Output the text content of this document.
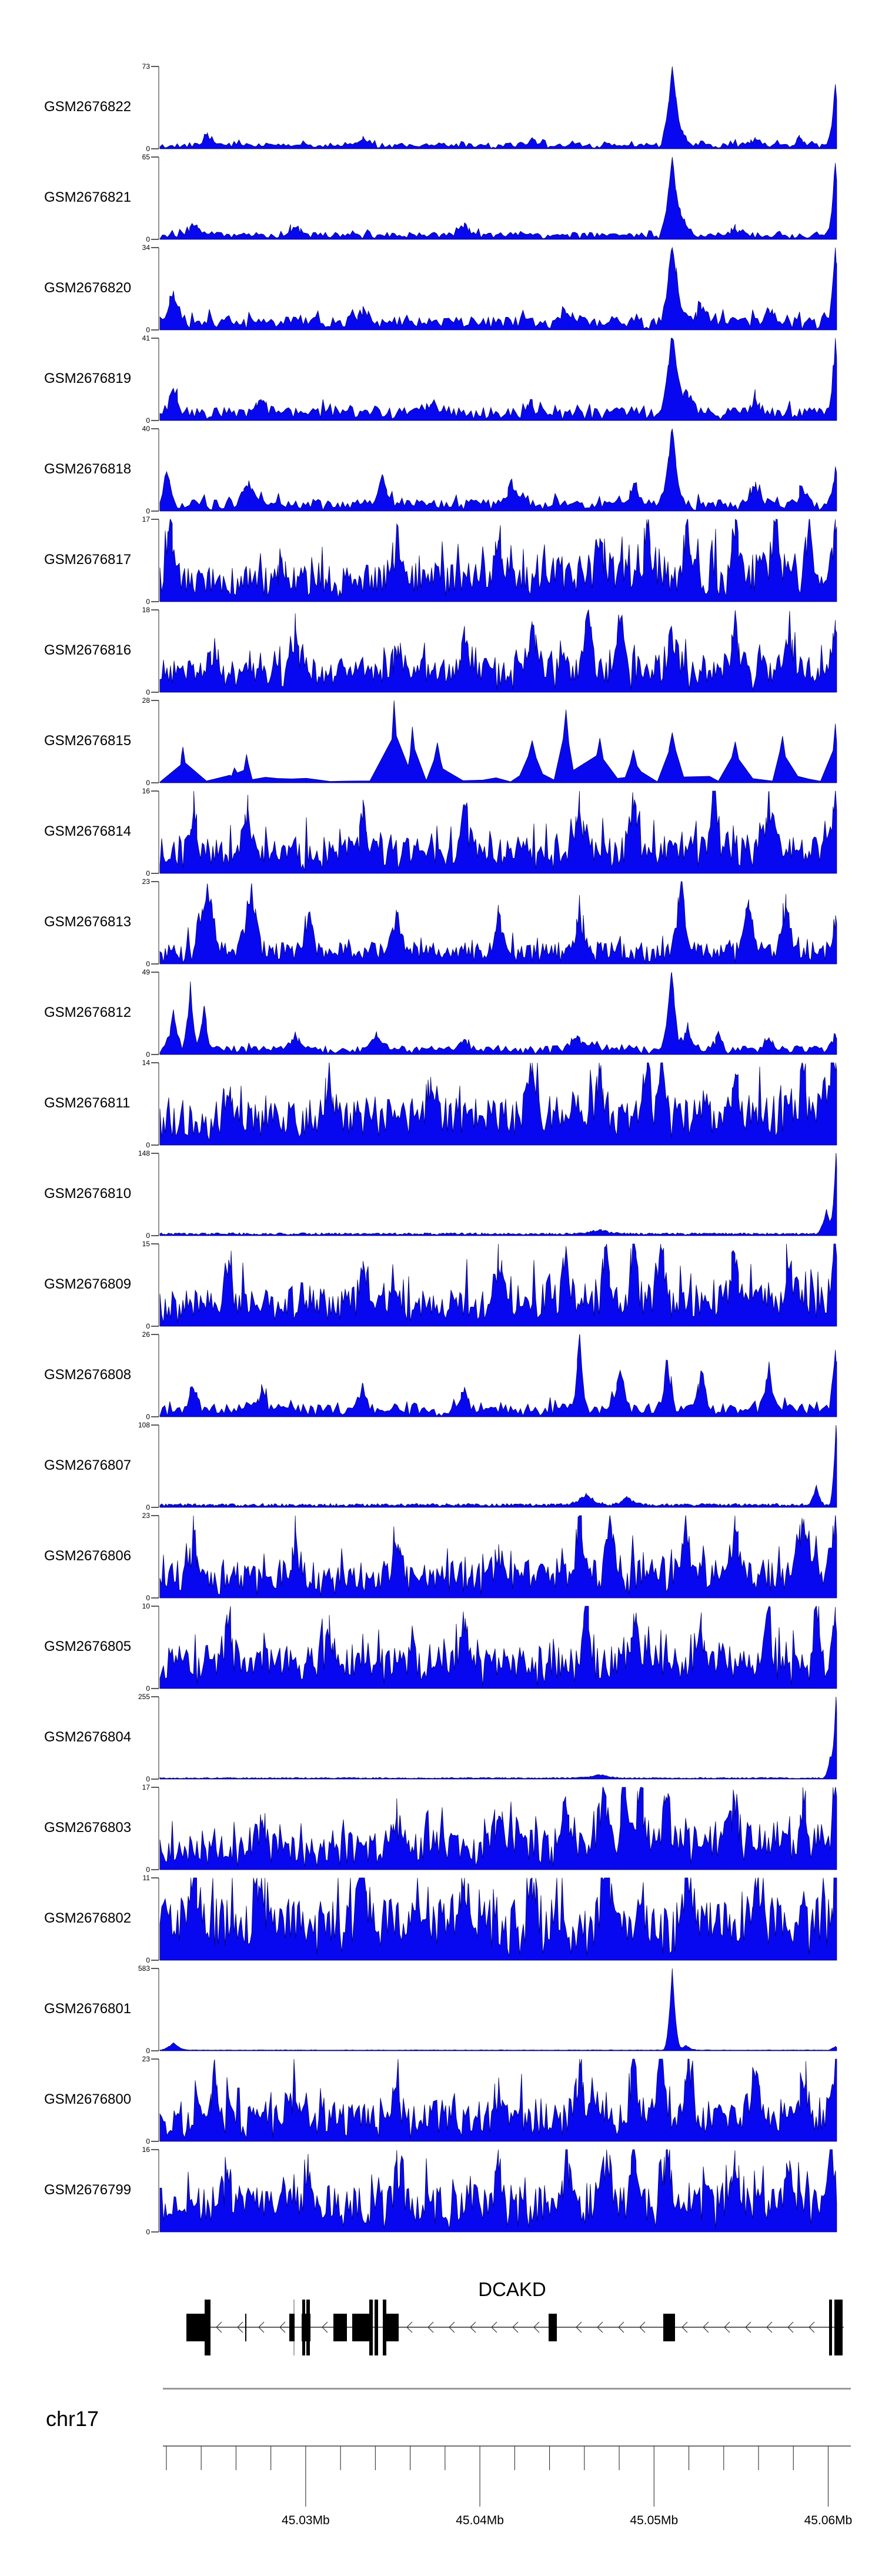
GSM2676822
73
0
GSM2676821
65
0
GSM2676820
34
0
GSM2676819
41
0
GSM2676818
40
0
GSM2676817
17
0
GSM2676816
18
0
GSM2676815
28
0
GSM2676814
16
0
GSM2676813
23
0
GSM2676812
49
0
GSM2676811
14
0
GSM2676810
148
0
GSM2676809
15
0
GSM2676808
26
0
GSM2676807
108
0
GSM2676806
23
0
GSM2676805
10
0
GSM2676804
255
0
GSM2676803
17
0
GSM2676802
11
0
GSM2676801
583
0
GSM2676800
23
0
GSM2676799
16
0
DCAKD
chr17
45.03Mb	45.04Mb	45.05Mb	45.06Mb
